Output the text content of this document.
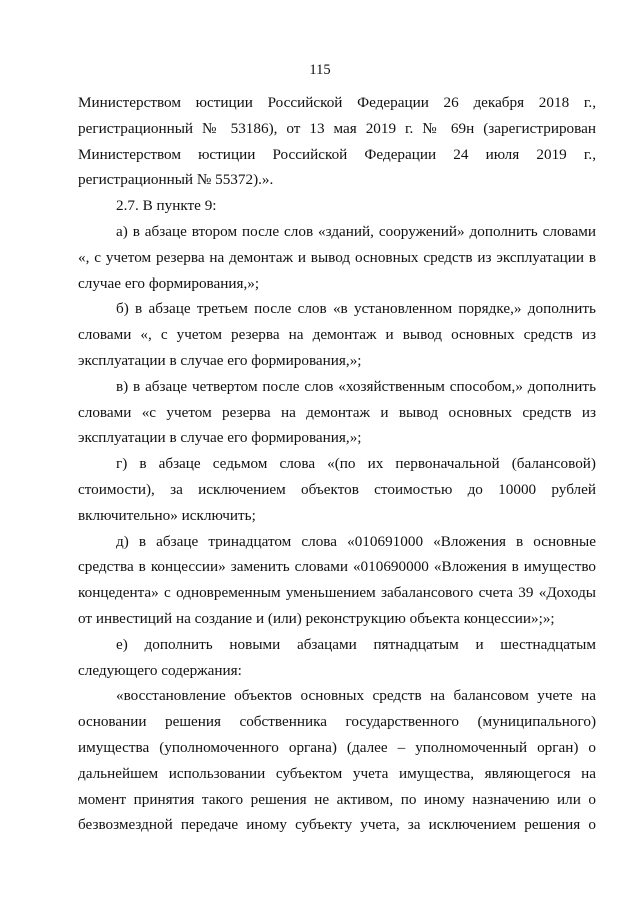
115
Министерством юстиции Российской Федерации 26 декабря 2018 г.,
регистрационный № 53186), от 13 мая 2019 г. № 69н (зарегистрирован
Министерством юстиции Российской Федерации 24 июля 2019 г.,
регистрационный № 55372).».
2.7. В пункте 9:
а) в абзаце втором после слов «зданий, сооружений» дополнить словами
«, с учетом резерва на демонтаж и вывод основных средств из эксплуатации в
случае его формирования,»;
б) в абзаце третьем после слов «в установленном порядке,» дополнить
словами «, с учетом резерва на демонтаж и вывод основных средств из
эксплуатации в случае его формирования,»;
в) в абзаце четвертом после слов «хозяйственным способом,» дополнить
словами «с учетом резерва на демонтаж и вывод основных средств из
эксплуатации в случае его формирования,»;
г) в абзаце седьмом слова «(по их первоначальной (балансовой)
стоимости), за исключением объектов стоимостью до 10000 рублей
включительно» исключить;
д) в абзаце тринадцатом слова «010691000 «Вложения в основные
средства в концессии» заменить словами «010690000 «Вложения в имущество
концедента» с одновременным уменьшением забалансового счета 39 «Доходы
от инвестиций на создание и (или) реконструкцию объекта концессии»;»;
е) дополнить новыми абзацами пятнадцатым и шестнадцатым
следующего содержания:
«восстановление объектов основных средств на балансовом учете на
основании решения собственника государственного (муниципального)
имущества (уполномоченного органа) (далее – уполномоченный орган) о
дальнейшем использовании субъектом учета имущества, являющегося на
момент принятия такого решения не активом, по иному назначению или о
безвозмездной передаче иному субъекту учета, за исключением решения о
